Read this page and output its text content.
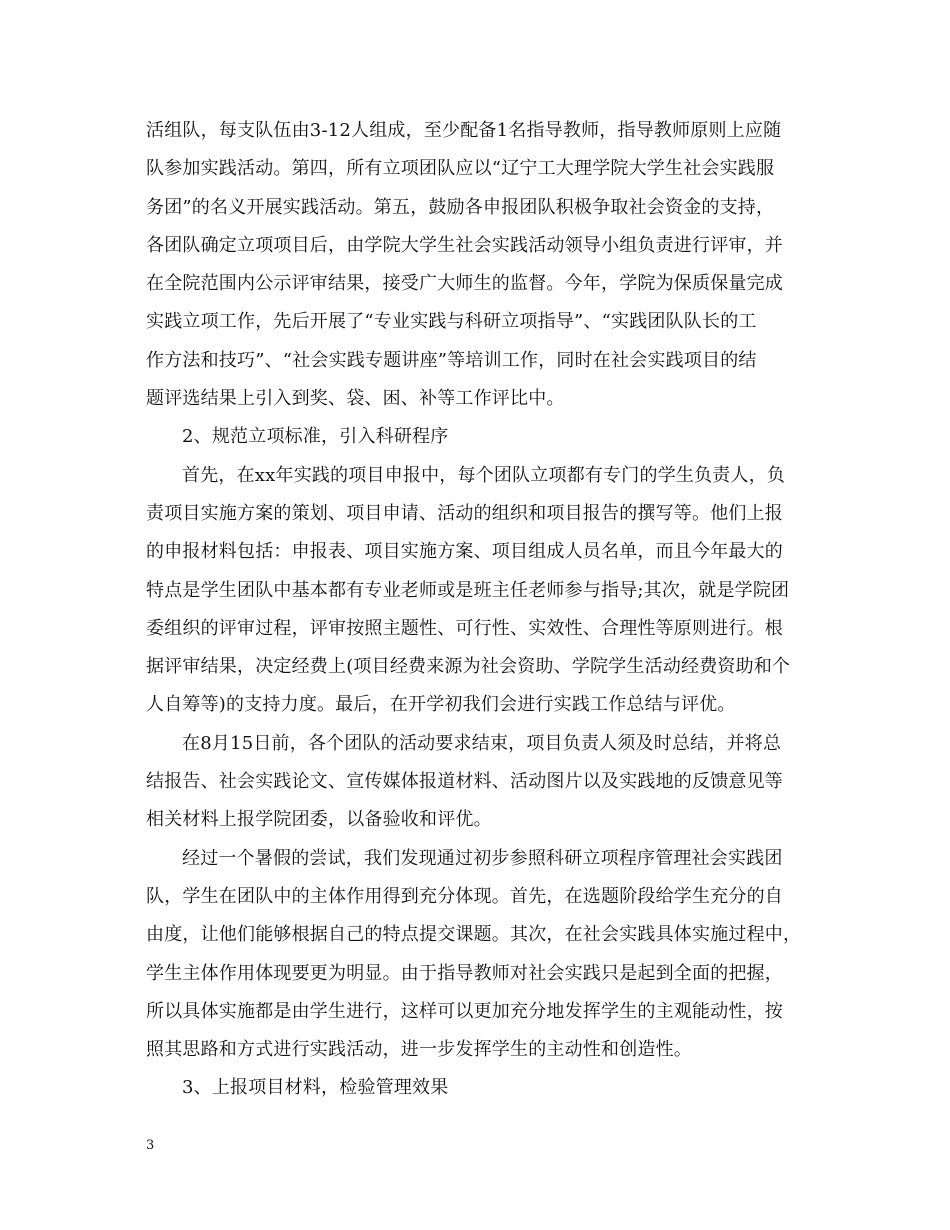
活组队，每支队伍由3-12人组成，至少配备1名指导教师，指导教师原则上应随
队参加实践活动。第四，所有立项团队应以“辽宁工大理学院大学生社会实践服
务团”的名义开展实践活动。第五，鼓励各申报团队积极争取社会资金的支持，
各团队确定立项项目后，由学院大学生社会实践活动领导小组负责进行评审，并
在全院范围内公示评审结果，接受广大师生的监督。今年，学院为保质保量完成
实践立项工作，先后开展了“专业实践与科研立项指导”、“实践团队队长的工
作方法和技巧”、“社会实践专题讲座”等培训工作，同时在社会实践项目的结
题评选结果上引入到奖、袋、困、补等工作评比中。
2、规范立项标准，引入科研程序
首先，在xx年实践的项目申报中，每个团队立项都有专门的学生负责人，负
责项目实施方案的策划、项目申请、活动的组织和项目报告的撰写等。他们上报
的申报材料包括：申报表、项目实施方案、项目组成人员名单，而且今年最大的
特点是学生团队中基本都有专业老师或是班主任老师参与指导;其次，就是学院团
委组织的评审过程，评审按照主题性、可行性、实效性、合理性等原则进行。根
据评审结果，决定经费上(项目经费来源为社会资助、学院学生活动经费资助和个
人自筹等)的支持力度。最后，在开学初我们会进行实践工作总结与评优。
在8月15日前，各个团队的活动要求结束，项目负责人须及时总结，并将总
结报告、社会实践论文、宣传媒体报道材料、活动图片以及实践地的反馈意见等
相关材料上报学院团委，以备验收和评优。
经过一个暑假的尝试，我们发现通过初步参照科研立项程序管理社会实践团
队，学生在团队中的主体作用得到充分体现。首先，在选题阶段给学生充分的自
由度，让他们能够根据自己的特点提交课题。其次，在社会实践具体实施过程中，
学生主体作用体现要更为明显。由于指导教师对社会实践只是起到全面的把握，
所以具体实施都是由学生进行，这样可以更加充分地发挥学生的主观能动性，按
照其思路和方式进行实践活动，进一步发挥学生的主动性和创造性。
3、上报项目材料，检验管理效果
3
